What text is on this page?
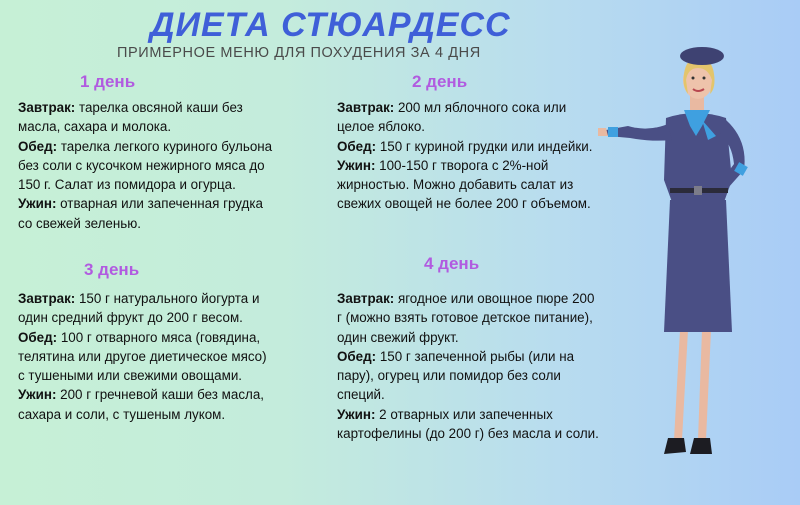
ДИЕТА СТЮАРДЕСС
ПРИМЕРНОЕ МЕНЮ ДЛЯ ПОХУДЕНИЯ ЗА 4 ДНЯ
1 день
Завтрак: тарелка овсяной каши без масла, сахара и молока.
Обед: тарелка легкого куриного бульона без соли с кусочком нежирного мяса до 150 г. Салат из помидора и огурца.
Ужин: отварная или запеченная грудка со свежей зеленью.
2 день
Завтрак: 200 мл яблочного сока или целое яблоко.
Обед: 150 г куриной грудки или индейки.
Ужин: 100-150 г творога с 2%-ной жирностью. Можно добавить салат из свежих овощей не более 200 г объемом.
3 день
Завтрак: 150 г натурального йогурта и один средний фрукт до 200 г весом.
Обед: 100 г отварного мяса (говядина, телятина или другое диетическое мясо) с тушеными или свежими овощами.
Ужин: 200 г гречневой каши без масла, сахара и соли, с тушеным луком.
4 день
Завтрак: ягодное или овощное пюре 200 г (можно взять готовое детское питание), один свежий фрукт.
Обед: 150 г запеченной рыбы (или на пару), огурец или помидор без соли специй.
Ужин: 2 отварных или запеченных картофелины (до 200 г) без масла и соли.
